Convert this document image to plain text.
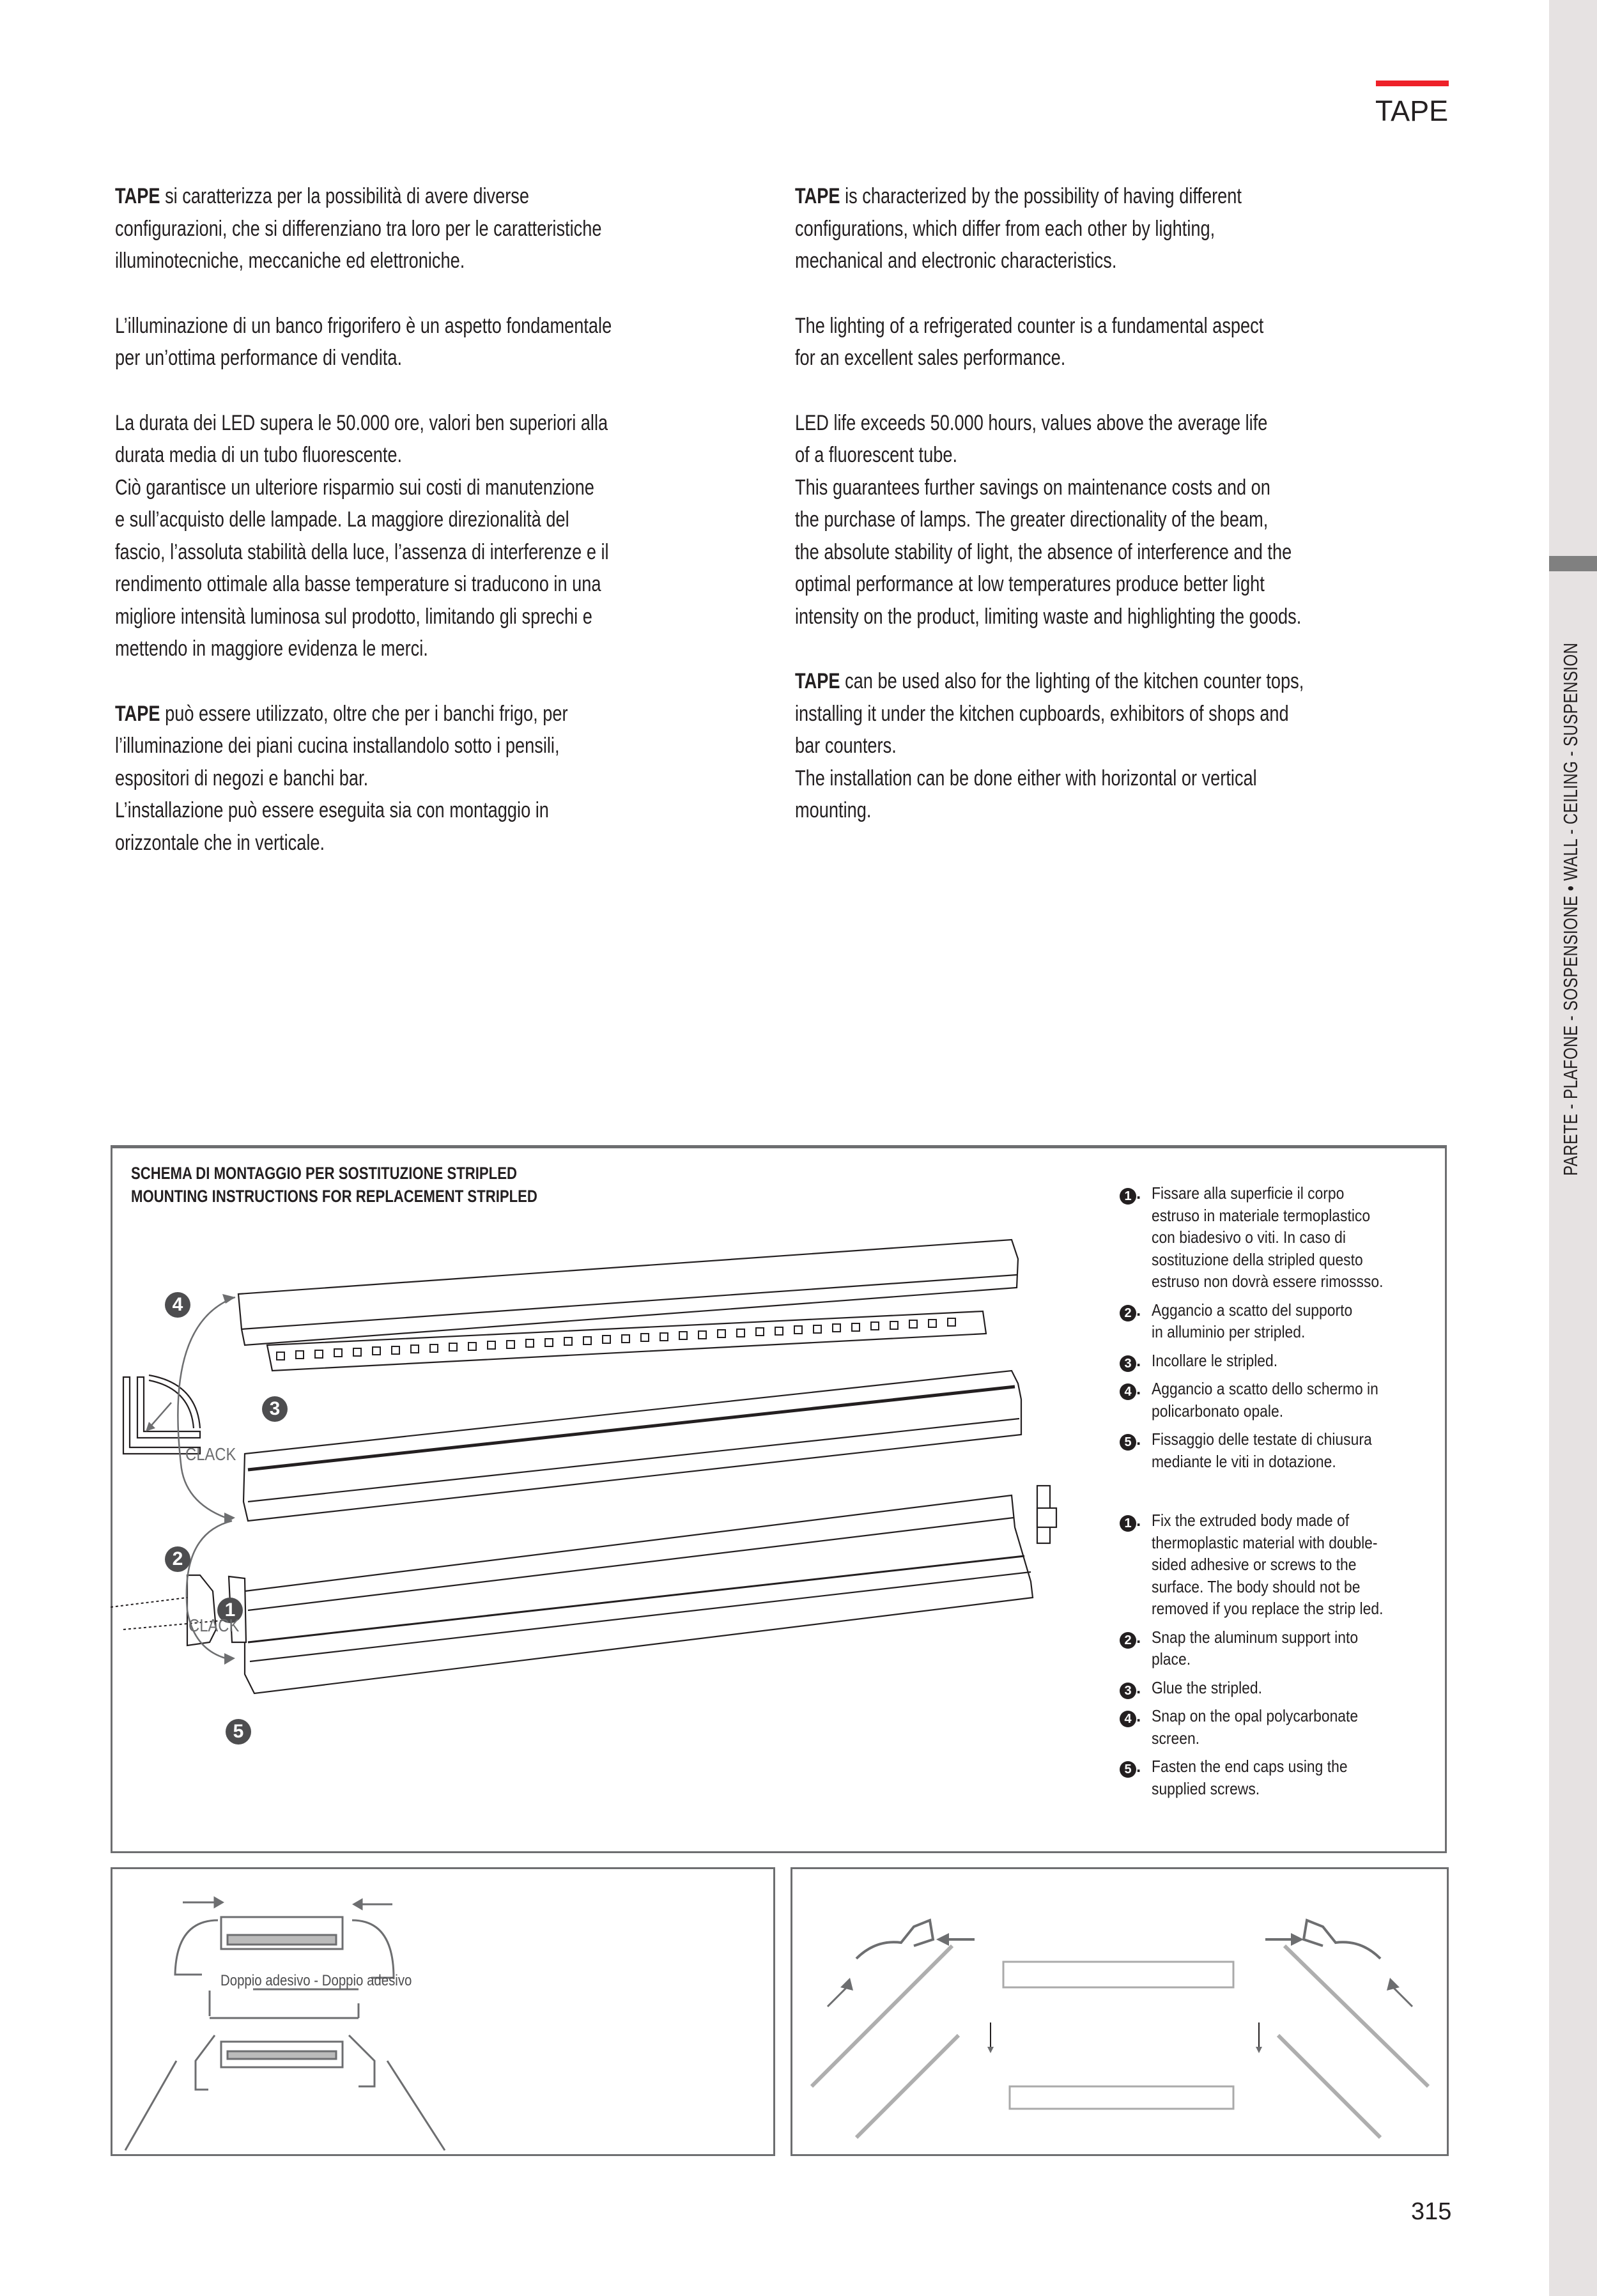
PARETE - PLAFONE - SOSPENSIONE • WALL - CEILING - SUSPENSION
TAPE

TAPE si caratterizza per la possibilità di avere diverse
configurazioni, che si differenziano tra loro per le caratteristiche
illuminotecniche, meccaniche ed elettroniche.

L’illuminazione di un banco frigorifero è un aspetto fondamentale
per un’ottima performance di vendita.

La durata dei LED supera le 50.000 ore, valori ben superiori alla
durata media di un tubo fluorescente.
Ciò garantisce un ulteriore risparmio sui costi di manutenzione
e sull’acquisto delle lampade. La maggiore direzionalità del
fascio, l’assoluta stabilità della luce, l’assenza di interferenze e il
rendimento ottimale alla basse temperature si traducono in una
migliore intensità luminosa sul prodotto, limitando gli sprechi e
mettendo in maggiore evidenza le merci.

TAPE può essere utilizzato, oltre che per i banchi frigo, per
l’illuminazione dei piani cucina installandolo sotto i pensili,
espositori di negozi e banchi bar.
L’installazione può essere eseguita sia con montaggio in
orizzontale che in verticale.

TAPE is characterized by the possibility of having different
configurations, which differ from each other by lighting,
mechanical and electronic characteristics.

The lighting of a refrigerated counter is a fundamental aspect
for an excellent sales performance.

LED life exceeds 50.000 hours, values above the average life
of a fluorescent tube.
This guarantees further savings on maintenance costs and on
the purchase of lamps. The greater directionality of the beam,
the absolute stability of light, the absence of interference and the
optimal performance at low temperatures produce better light
intensity on the product, limiting waste and highlighting the goods.

TAPE can be used also for the lighting of the kitchen counter tops,
installing it under the kitchen cupboards, exhibitors of shops and
bar counters.
The installation can be done either with horizontal or vertical
mounting.

SCHEMA DI MONTAGGIO PER SOSTITUZIONE STRIPLED
MOUNTING INSTRUCTIONS FOR REPLACEMENT STRIPLED
4
3
2
1
5
CLACK
CLACK
1 . Fissare alla superficie il corpo
estruso in materiale termoplastico
con biadesivo o viti. In caso di
sostituzione della stripled questo
estruso non dovrà essere rimossso.
2 . Aggancio a scatto del supporto
in alluminio per stripled.
3 . Incollare le stripled.
4 . Aggancio a scatto dello schermo in
policarbonato opale.
5 . Fissaggio delle testate di chiusura
mediante le viti in dotazione.
1 . Fix the extruded body made of
thermoplastic material with double-
sided adhesive or screws to the
surface. The body should not be
removed if you replace the strip led.
2 . Snap the aluminum support into
place.
3 . Glue the stripled.
4 . Snap on the opal polycarbonate
screen.
5 . Fasten the end caps using the
supplied screws.
Doppio adesivo - Doppio adesivo
315
